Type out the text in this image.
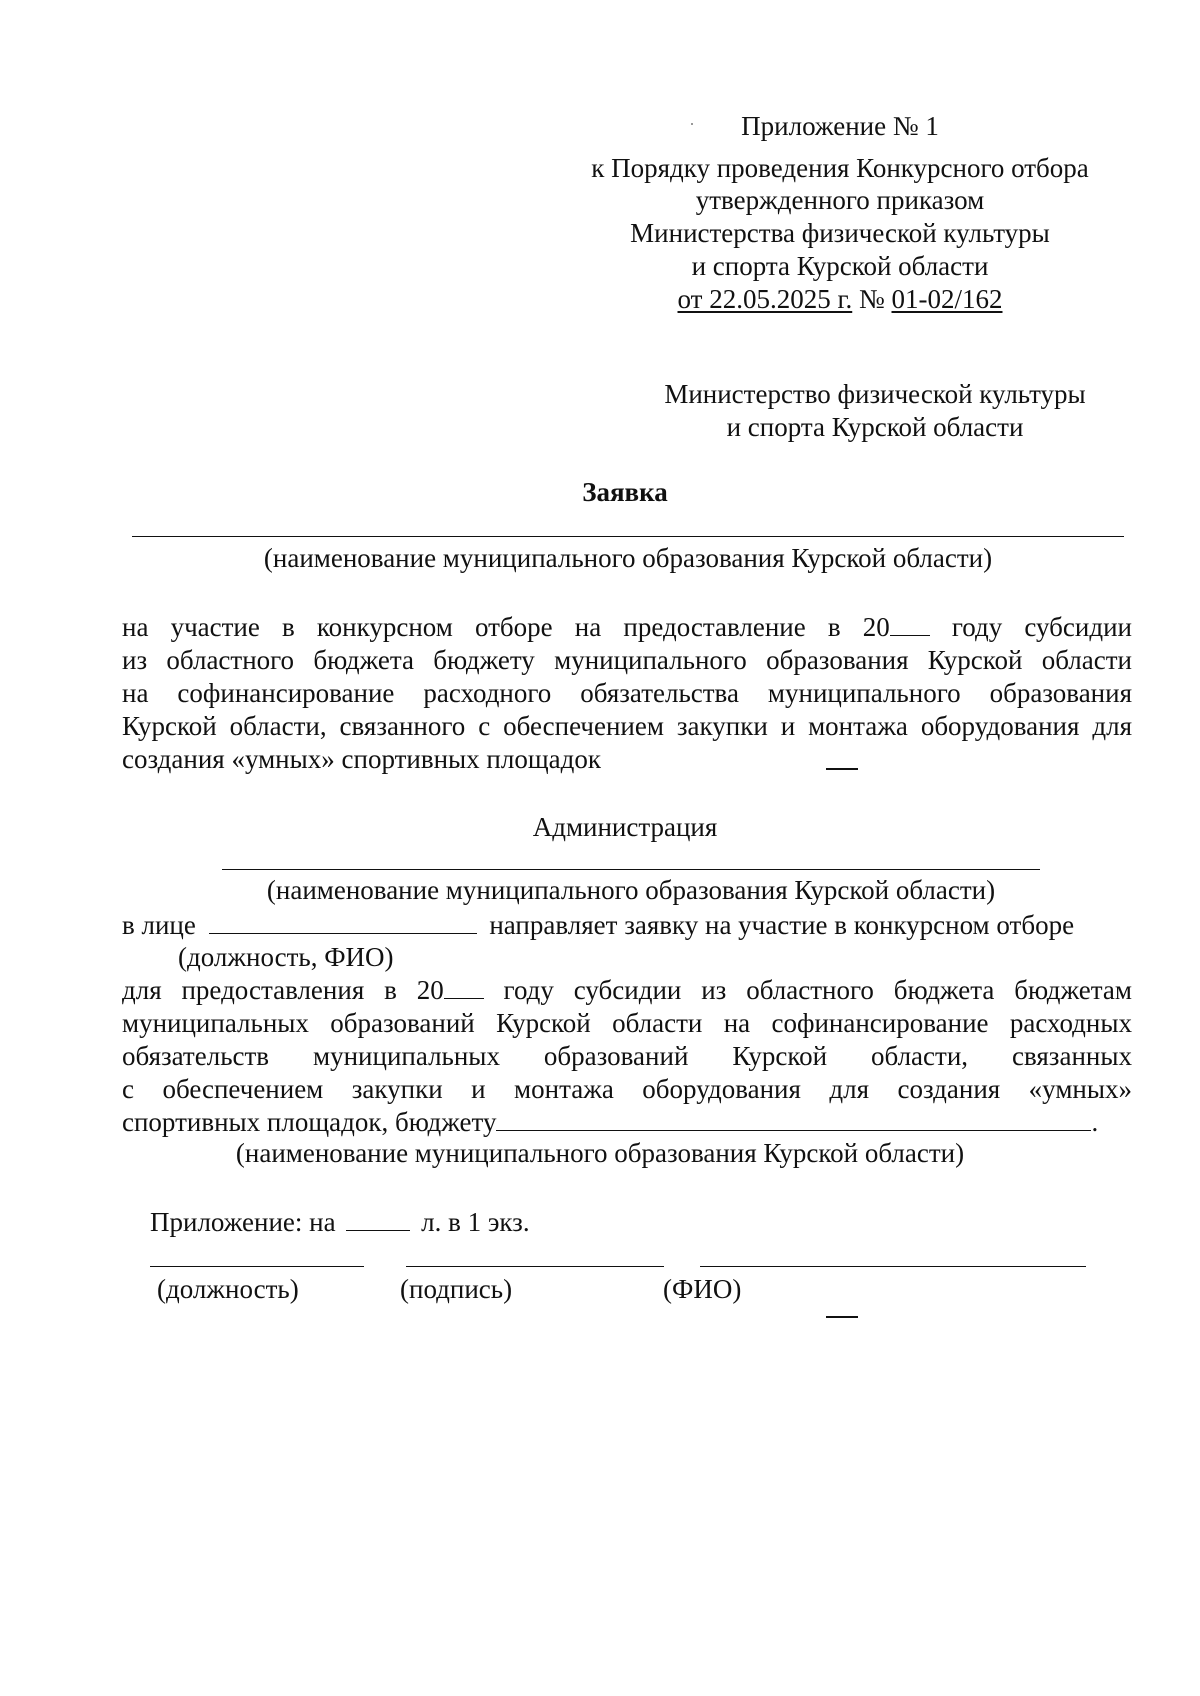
Приложение № 1
к Порядку проведения Конкурсного отбора
утвержденного приказом
Министерства физической культуры
и спорта Курской области
от 22.05.2025 г. № 01-02/162
Министерство физической культуры
и спорта Курской области
Заявка
(наименование муниципального образования Курской области)
на участие в конкурсном отборе на предоставление в 20 году субсидии
из областного бюджета бюджету муниципального образования Курской области
на софинансирование расходного обязательства муниципального образования
Курской области, связанного с обеспечением закупки и монтажа оборудования для
создания «умных» спортивных площадок
Администрация
(наименование муниципального образования Курской области)
в лице	направляет заявку на участие в конкурсном отборе
(должность, ФИО)
для предоставления в 20 году субсидии из областного бюджета бюджетам
муниципальных образований Курской области на софинансирование расходных
обязательств муниципальных образований Курской области, связанных
с обеспечением закупки и монтажа оборудования для создания «умных»
спортивных площадок, бюджету	.
(наименование муниципального образования Курской области)
Приложение: на	л. в 1 экз.
(должность)	(подпись)	(ФИО)
